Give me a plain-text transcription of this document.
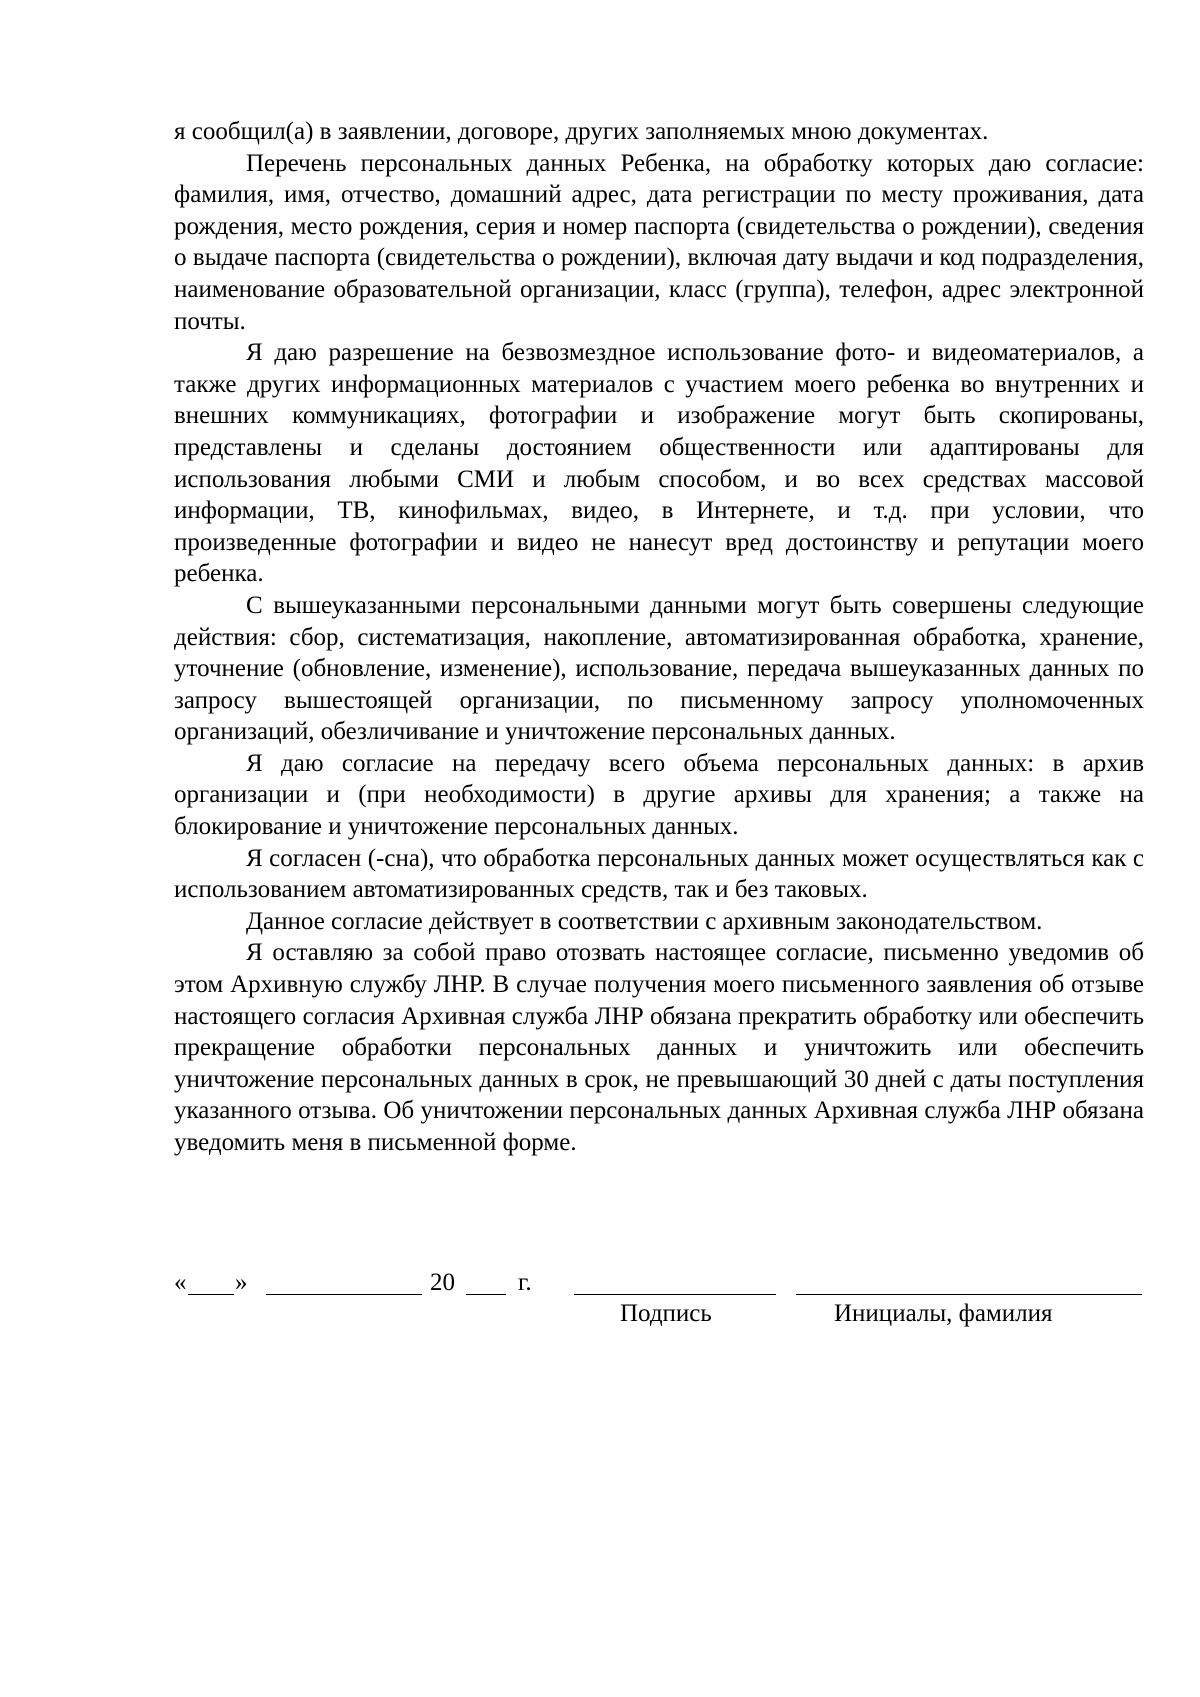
я сообщил(а) в заявлении, договоре, других заполняемых мною документах.

Перечень персональных данных Ребенка, на обработку которых даю согласие: фамилия, имя, отчество, домашний адрес, дата регистрации по месту проживания, дата рождения, место рождения, серия и номер паспорта (свидетельства о рождении), сведения о выдаче паспорта (свидетельства о рождении), включая дату выдачи и код подразделения, наименование образовательной организации, класс (группа), телефон, адрес электронной почты.

Я даю разрешение на безвозмездное использование фото- и видеоматериалов, а также других информационных материалов с участием моего ребенка во внутренних и внешних коммуникациях, фотографии и изображение могут быть скопированы, представлены и сделаны достоянием общественности или адаптированы для использования любыми СМИ и любым способом, и во всех средствах массовой информации, ТВ, кинофильмах, видео, в Интернете, и т.д. при условии, что произведенные фотографии и видео не нанесут вред достоинству и репутации моего ребенка.

С вышеуказанными персональными данными могут быть совершены следующие действия: сбор, систематизация, накопление, автоматизированная обработка, хранение, уточнение (обновление, изменение), использование, передача вышеуказанных данных по запросу вышестоящей организации, по письменному запросу уполномоченных организаций, обезличивание и уничтожение персональных данных.

Я даю согласие на передачу всего объема персональных данных: в архив организации и (при необходимости) в другие архивы для хранения; а также на блокирование и уничтожение персональных данных.

Я согласен (-сна), что обработка персональных данных может осуществляться как с использованием автоматизированных средств, так и без таковых.

Данное согласие действует в соответствии с архивным законодательством.

Я оставляю за собой право отозвать настоящее согласие, письменно уведомив об этом Архивную службу ЛНР. В случае получения моего письменного заявления об отзыве настоящего согласия Архивная служба ЛНР обязана прекратить обработку или обеспечить прекращение обработки персональных данных и уничтожить или обеспечить уничтожение персональных данных в срок, не превышающий 30 дней с даты поступления указанного отзыва. Об уничтожении персональных данных Архивная служба ЛНР обязана уведомить меня в письменной форме.

« »	20	г.
Подпись	Инициалы, фамилия
